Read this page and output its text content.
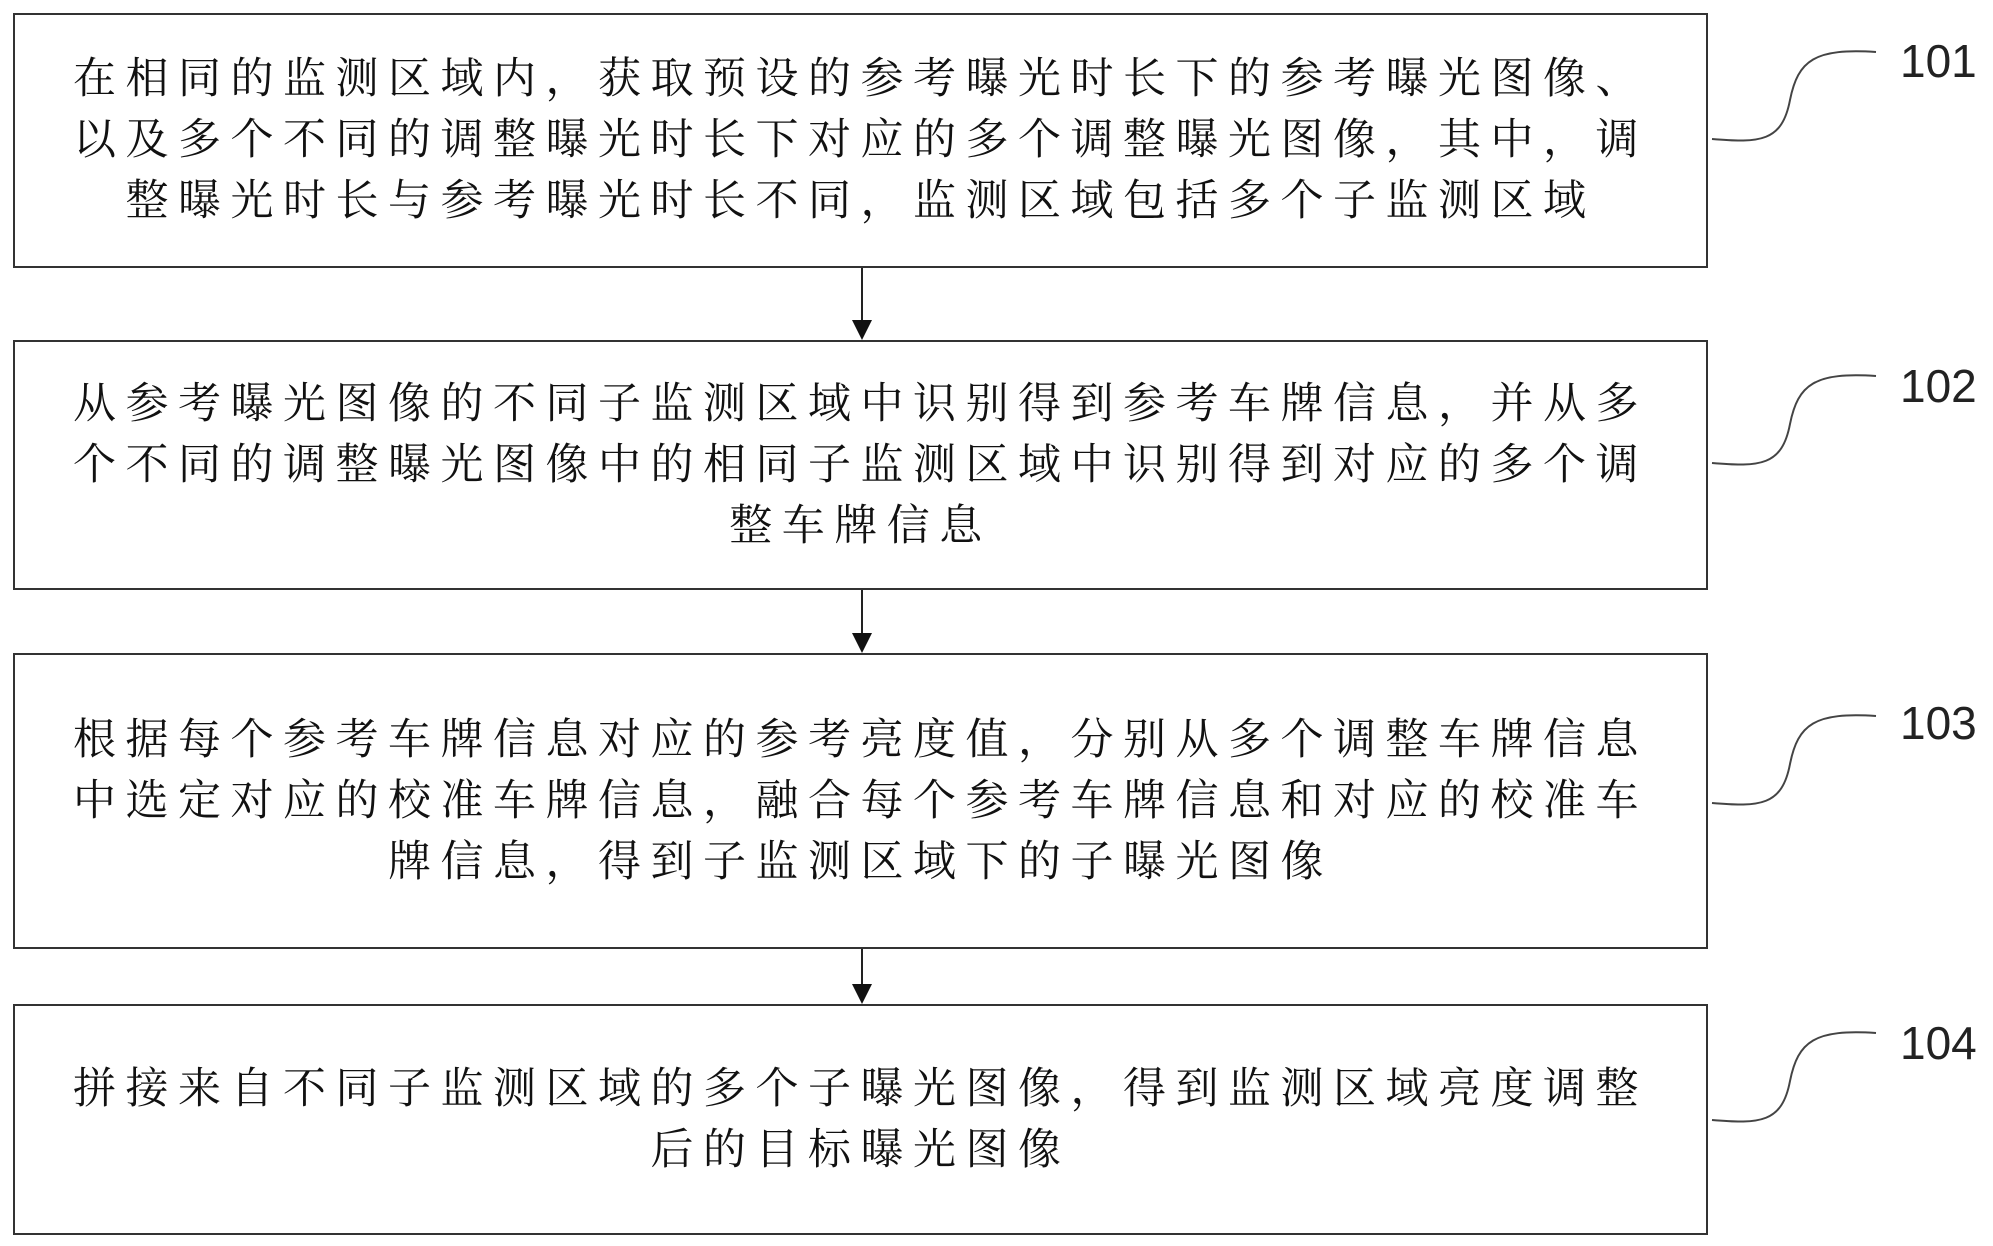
在相同的监测区域内，获取预设的参考曝光时长下的参考曝光图像、
以及多个不同的调整曝光时长下对应的多个调整曝光图像，其中，调
整曝光时长与参考曝光时长不同，监测区域包括多个子监测区域
从参考曝光图像的不同子监测区域中识别得到参考车牌信息，并从多
个不同的调整曝光图像中的相同子监测区域中识别得到对应的多个调
整车牌信息
根据每个参考车牌信息对应的参考亮度值，分别从多个调整车牌信息
中选定对应的校准车牌信息，融合每个参考车牌信息和对应的校准车
牌信息，得到子监测区域下的子曝光图像
拼接来自不同子监测区域的多个子曝光图像，得到监测区域亮度调整
后的目标曝光图像
101
102
103
104
